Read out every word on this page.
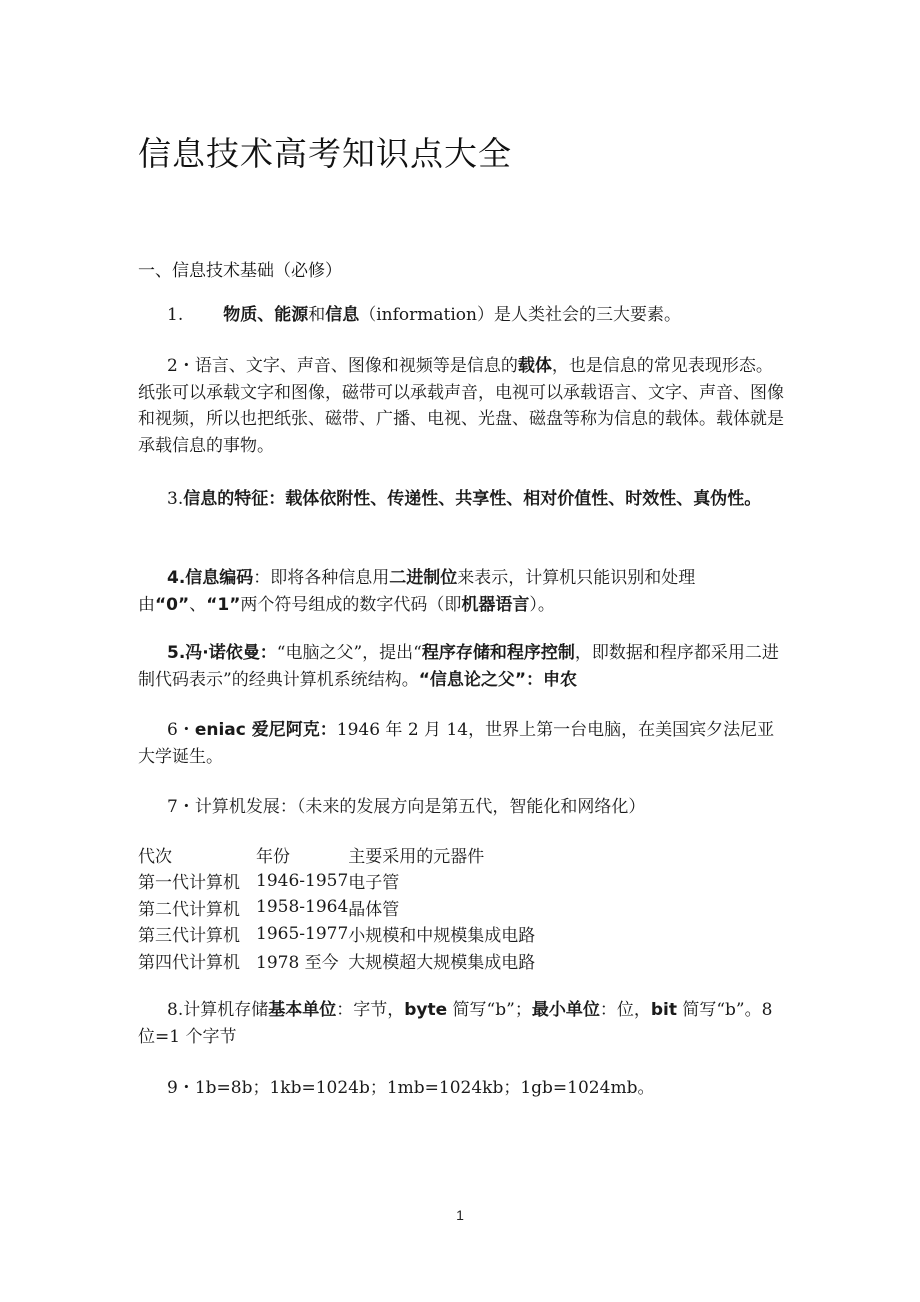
信息技术高考知识点大全
一、信息技术基础（必修）

1. 物质、能源和信息（information）是人类社会的三大要素。

2・语言、文字、声音、图像和视频等是信息的载体，也是信息的常见表现形态。纸张可以承载文字和图像，磁带可以承载声音，电视可以承载语言、文字、声音、图像和视频，所以也把纸张、磁带、广播、电视、光盘、磁盘等称为信息的载体。载体就是承载信息的事物。

3.信息的特征：载体依附性、传递性、共享性、相对价值性、时效性、真伪性。

4.信息编码：即将各种信息用二进制位来表示，计算机只能识别和处理由“0”、“1”两个符号组成的数字代码（即机器语言）。

5.冯·诺依曼：“电脑之父”，提出“程序存储和程序控制，即数据和程序都采用二进制代码表示”的经典计算机系统结构。“信息论之父”：申农

6・eniac 爱尼阿克：1946 年 2 月 14，世界上第一台电脑，在美国宾夕法尼亚大学诞生。

7・计算机发展：（未来的发展方向是第五代，智能化和网络化）

代次	年份	主要采用的元器件
第一代计算机	1946-1957	电子管
第二代计算机	1958-1964	晶体管
第三代计算机	1965-1977	小规模和中规模集成电路
第四代计算机	1978 至今	大规模超大规模集成电路

8.计算机存储基本单位：字节，byte 简写“b”；最小单位：位，bit 简写“b”。8 位=1 个字节

9・1b=8b；1kb=1024b；1mb=1024kb；1gb=1024mb。

1
